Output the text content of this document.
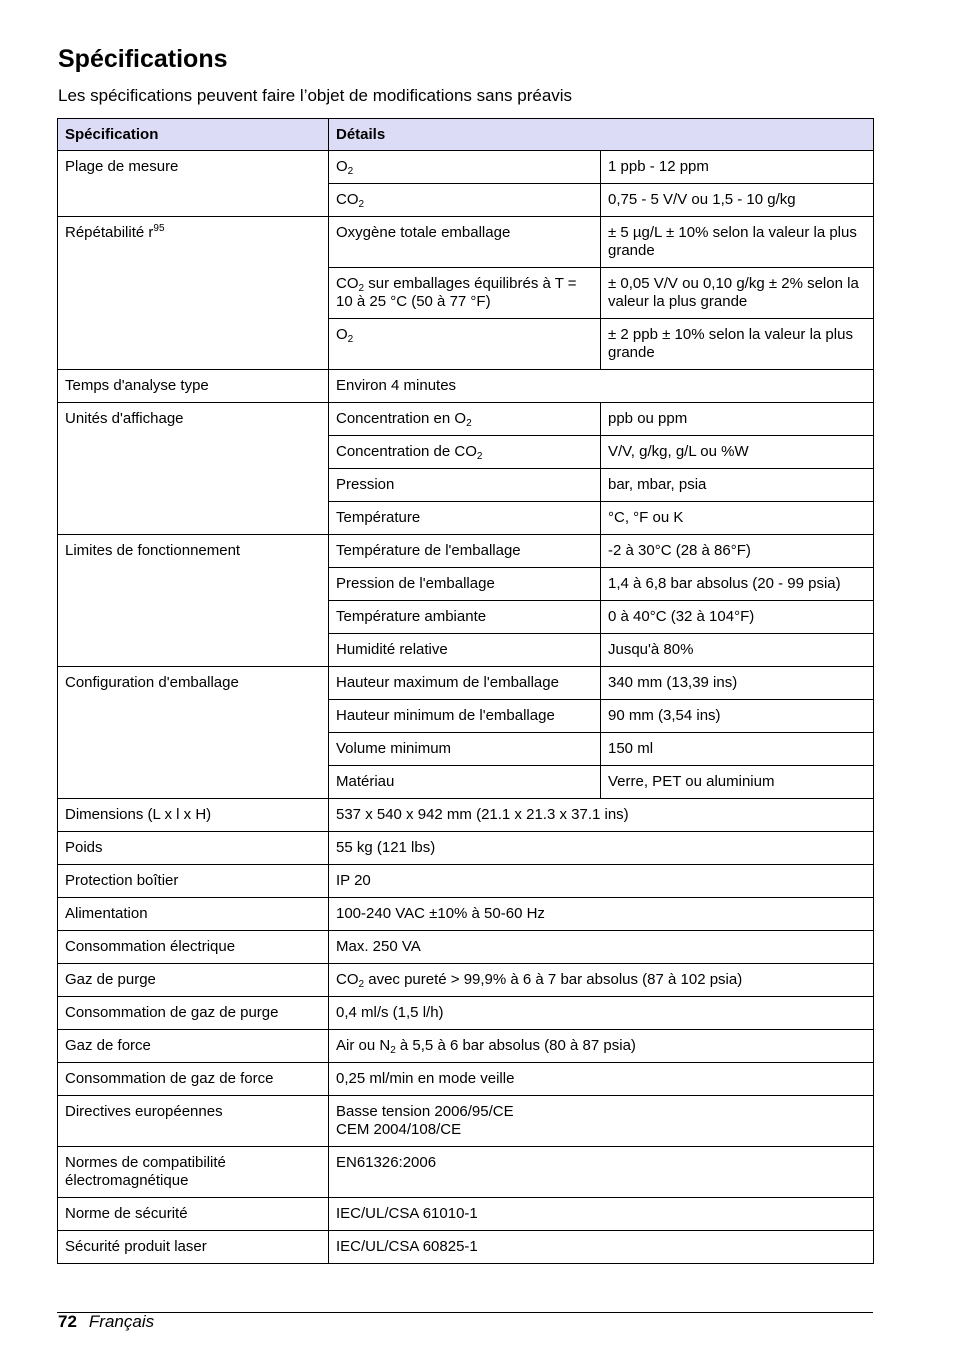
Spécifications
Les spécifications peuvent faire l’objet de modifications sans préavis
Spécification	Détails	
Plage de mesure	$O_2$	1 ppb - 12 ppm
	$CO_2$	0,75 - 5 V/V ou 1,5 - 10 g/kg
Répétabilité $r^{95}$	Oxygène totale emballage	± 5 µg/L ± 10% selon la valeur la plus grande
	$CO_2$ sur emballages équilibrés à T = 10 à 25 °C (50 à 77 °F)	± 0,05 V/V ou 0,10 g/kg ± 2% selon la valeur la plus grande
	$O_2$	± 2 ppb ± 10% selon la valeur la plus grande
Temps d'analyse type	Environ 4 minutes	
Unités d'affichage	Concentration en $O_2$	ppb ou ppm
	Concentration de $CO_2$	V/V, g/kg, g/L ou %W
	Pression	bar, mbar, psia
	Température	°C, °F ou K
Limites de fonctionnement	Température de l'emballage	-2 à 30°C (28 à 86°F)
	Pression de l'emballage	1,4 à 6,8 bar absolus (20 - 99 psia)
	Température ambiante	0 à 40°C (32 à 104°F)
	Humidité relative	Jusqu'à 80%
Configuration d'emballage	Hauteur maximum de l'emballage	340 mm (13,39 ins)
	Hauteur minimum de l'emballage	90 mm (3,54 ins)
	Volume minimum	150 ml
	Matériau	Verre, PET ou aluminium
Dimensions (L x l x H)	537 x 540 x 942 mm (21.1 x 21.3 x 37.1 ins)	
Poids	55 kg (121 lbs)	
Protection boîtier	IP 20	
Alimentation	100-240 VAC ±10% à 50-60 Hz	
Consommation électrique	Max. 250 VA	
Gaz de purge	$CO_2$ avec pureté > 99,9% à 6 à 7 bar absolus (87 à 102 psia)	
Consommation de gaz de purge	0,4 ml/s (1,5 l/h)	
Gaz de force	Air ou $N_2$ à 5,5 à 6 bar absolus (80 à 87 psia)	
Consommation de gaz de force	0,25 ml/min en mode veille	
Directives européennes	Basse tension 2006/95/CE
CEM 2004/108/CE	

Normes de compatibilité électromagnétique	EN61326:2006	
Norme de sécurité	IEC/UL/CSA 61010-1	
Sécurité produit laser	IEC/UL/CSA 60825-1	
72 Français
